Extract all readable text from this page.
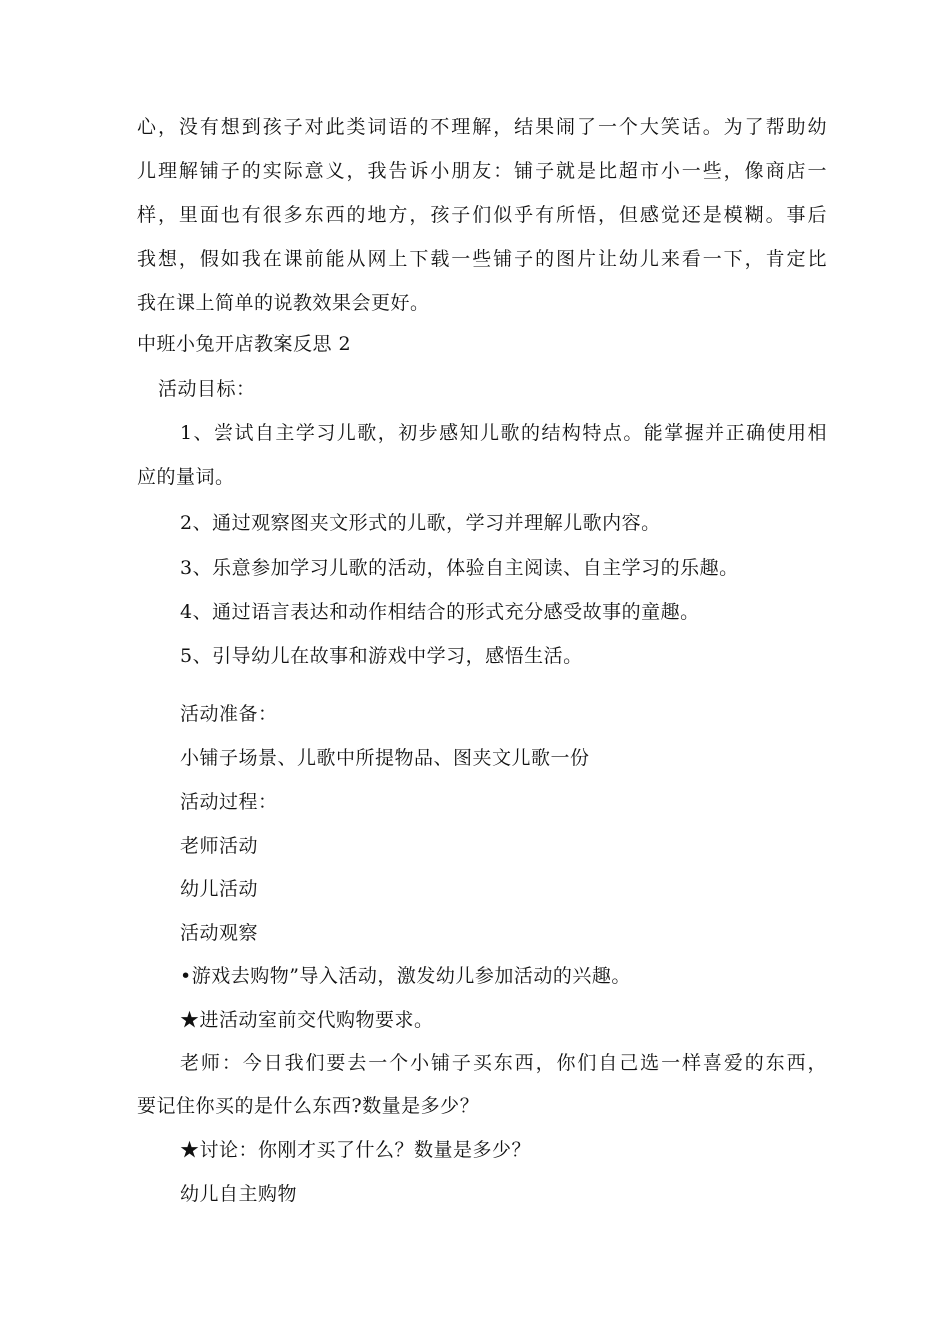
心，没有想到孩子对此类词语的不理解，结果闹了一个大笑话。为了帮助幼
儿理解铺子的实际意义，我告诉小朋友：铺子就是比超市小一些，像商店一
样，里面也有很多东西的地方，孩子们似乎有所悟，但感觉还是模糊。事后
我想，假如我在课前能从网上下载一些铺子的图片让幼儿来看一下，肯定比
我在课上简单的说教效果会更好。
中班小兔开店教案反思 2
活动目标：
1、尝试自主学习儿歌，初步感知儿歌的结构特点。能掌握并正确使用相
应的量词。
2、通过观察图夹文形式的儿歌，学习并理解儿歌内容。
3、乐意参加学习儿歌的活动，体验自主阅读、自主学习的乐趣。
4、通过语言表达和动作相结合的形式充分感受故事的童趣。
5、引导幼儿在故事和游戏中学习，感悟生活。
活动准备：
小铺子场景、儿歌中所提物品、图夹文儿歌一份
活动过程：
老师活动
幼儿活动
活动观察
•游戏去购物”导入活动，激发幼儿参加活动的兴趣。
★进活动室前交代购物要求。
老师：今日我们要去一个小铺子买东西，你们自己选一样喜爱的东西，
要记住你买的是什么东西?数量是多少？
★讨论：你刚才买了什么？数量是多少？
幼儿自主购物
